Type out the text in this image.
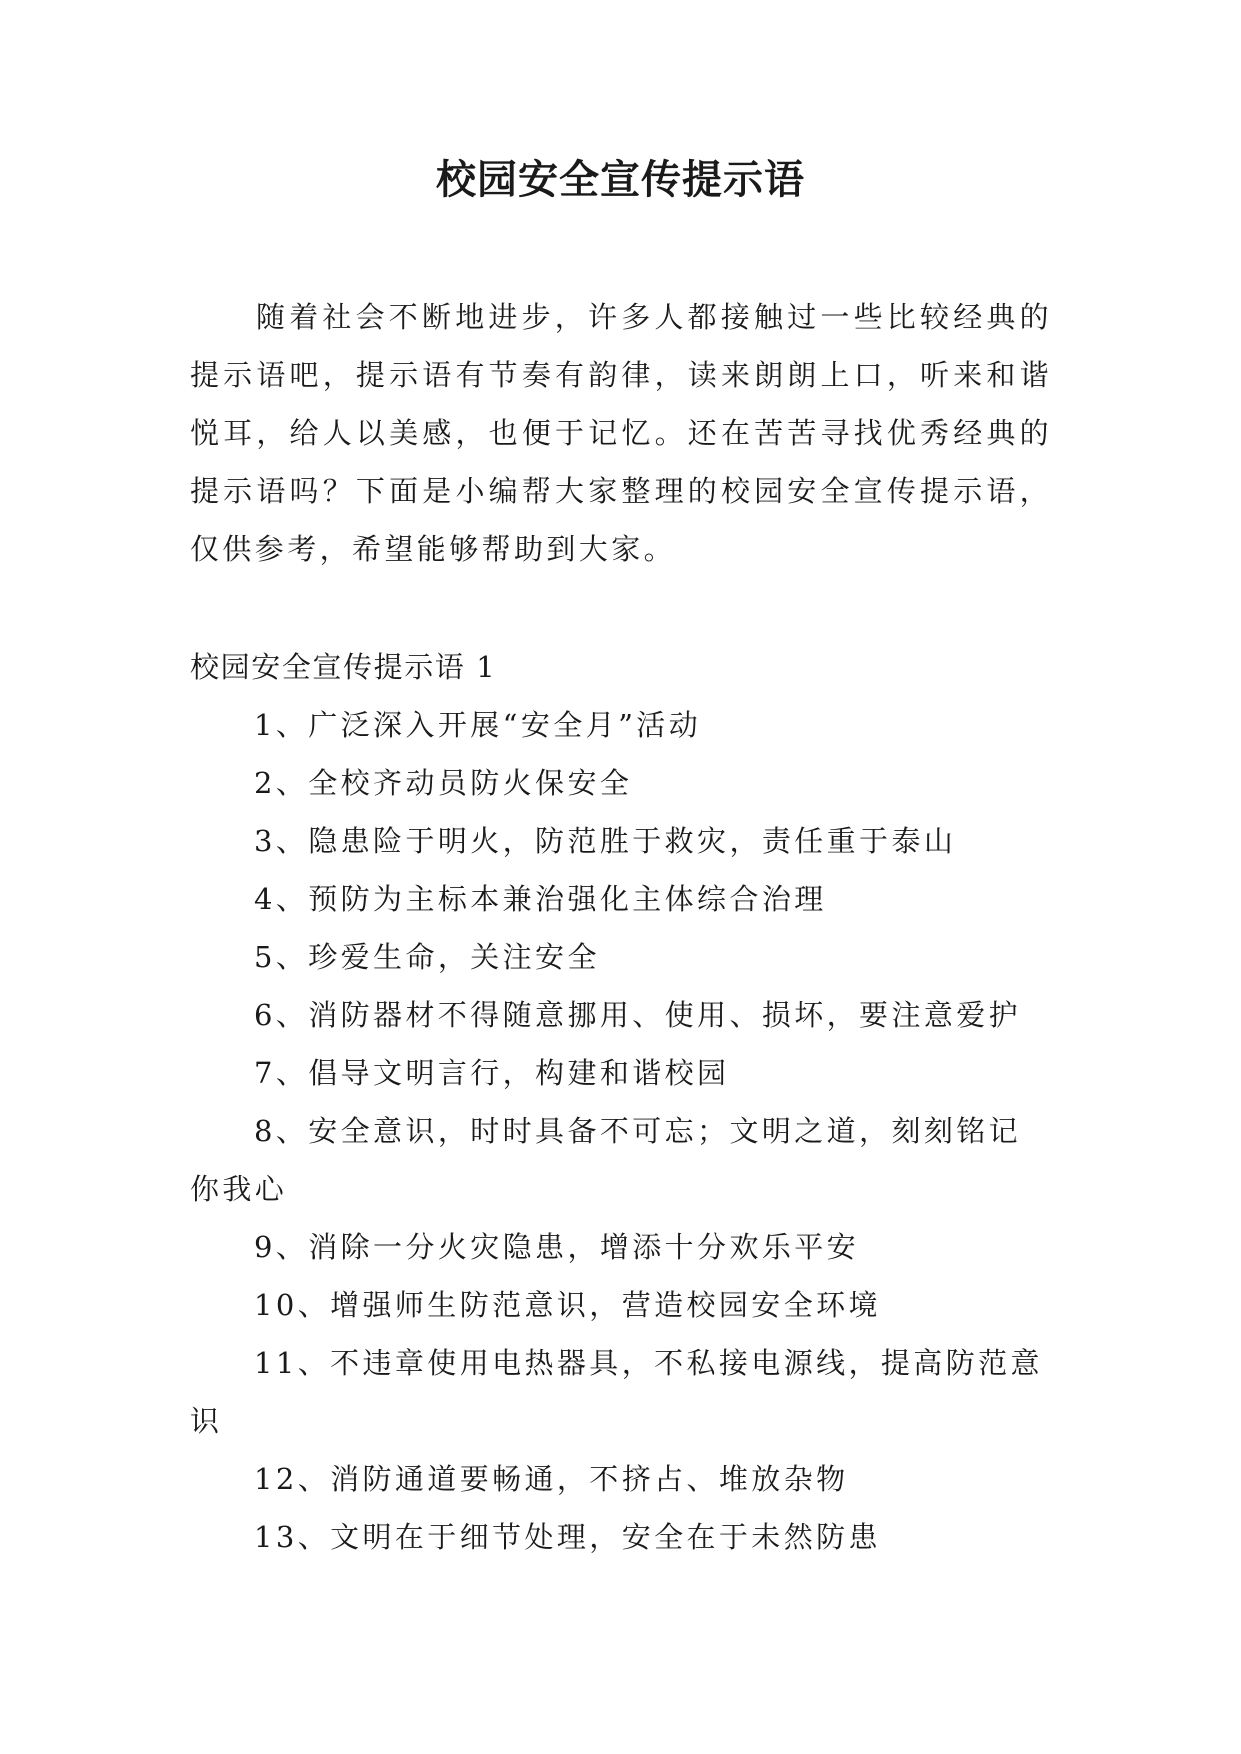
校园安全宣传提示语

随着社会不断地进步，许多人都接触过一些比较经典的提示语吧，提示语有节奏有韵律，读来朗朗上口，听来和谐悦耳，给人以美感，也便于记忆。还在苦苦寻找优秀经典的提示语吗？下面是小编帮大家整理的校园安全宣传提示语，仅供参考，希望能够帮助到大家。

校园安全宣传提示语 1

1、广泛深入开展“安全月”活动
2、全校齐动员防火保安全
3、隐患险于明火，防范胜于救灾，责任重于泰山
4、预防为主标本兼治强化主体综合治理
5、珍爱生命，关注安全
6、消防器材不得随意挪用、使用、损坏，要注意爱护
7、倡导文明言行，构建和谐校园
8、安全意识，时时具备不可忘；文明之道，刻刻铭记你我心
9、消除一分火灾隐患，增添十分欢乐平安
10、增强师生防范意识，营造校园安全环境
11、不违章使用电热器具，不私接电源线，提高防范意识
12、消防通道要畅通，不挤占、堆放杂物
13、文明在于细节处理，安全在于未然防患
